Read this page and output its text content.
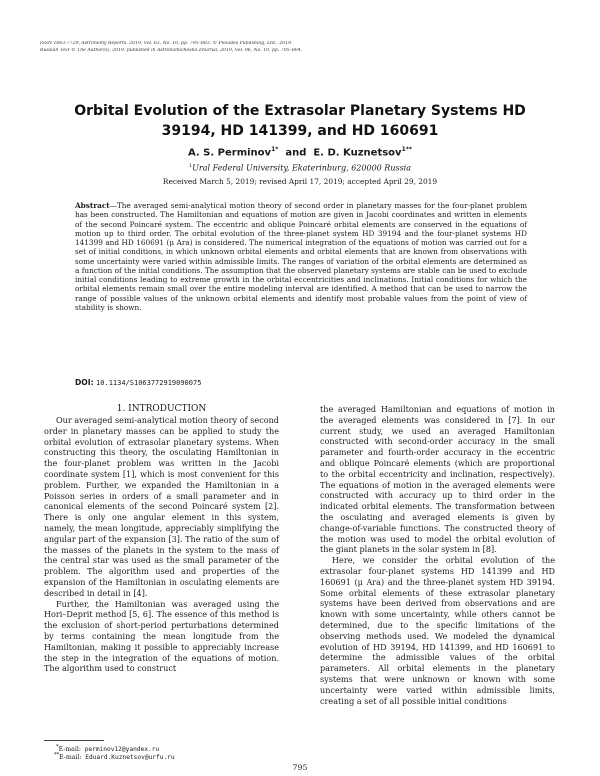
ISSN 1063-7729, Astronomy Reports, 2019, Vol. 63, No. 10, pp. 795–803. © Pleiades Publishing, Ltd., 2019.
Russian Text © The Author(s), 2019, published in Astronomicheskii Zhurnal, 2019, Vol. 96, No. 10, pp. 795–804.
Orbital Evolution of the Extrasolar Planetary Systems HD 39194, HD 141399, and HD 160691
A. S. Perminov$^{1*}$ and E. D. Kuznetsov$^{1**}$
$^1$Ural Federal University, Ekaterinburg, 620000 Russia
Received March 5, 2019; revised April 17, 2019; accepted April 29, 2019

Abstract—The averaged semi-analytical motion theory of second order in planetary masses for the four-planet problem has been constructed. The Hamiltonian and equations of motion are given in Jacobi coordinates and written in elements of the second Poincaré system. The eccentric and oblique Poincaré orbital elements are conserved in the equations of motion up to third order. The orbital evolution of the three-planet system HD 39194 and the four-planet systems HD 141399 and HD 160691 (μ Ara) is considered. The numerical integration of the equations of motion was carried out for a set of initial conditions, in which unknown orbital elements and orbital elements that are known from observations with some uncertainty were varied within admissible limits. The ranges of variation of the orbital elements are determined as a function of the initial conditions. The assumption that the observed planetary systems are stable can be used to exclude initial conditions leading to extreme growth in the orbital eccentricities and inclinations. Initial conditions for which the orbital elements remain small over the entire modeling interval are identified. A method that can be used to narrow the range of possible values of the unknown orbital elements and identify most probable values from the point of view of stability is shown.

DOI: 10.1134/S1063772919090075
1. INTRODUCTION

Our averaged semi-analytical motion theory of second order in planetary masses can be applied to study the orbital evolution of extrasolar planetary systems. When constructing this theory, the osculating Hamiltonian in the four-planet problem was written in the Jacobi coordinate system [1], which is most convenient for this problem. Further, we expanded the Hamiltonian in a Poisson series in orders of a small parameter and in canonical elements of the second Poincaré system [2]. There is only one angular element in this system, namely, the mean longitude, appreciably simplifying the angular part of the expansion [3]. The ratio of the sum of the masses of the planets in the system to the mass of the central star was used as the small parameter of the problem. The algorithm used and properties of the expansion of the Hamiltonian in osculating elements are described in detail in [4].

Further, the Hamiltonian was averaged using the Hori–Deprit method [5, 6]. The essence of this method is the exclusion of short-period perturbations determined by terms containing the mean longitude from the Hamiltonian, making it possible to appreciably increase the step in the integration of the equations of motion. The algorithm used to construct

the averaged Hamiltonian and equations of motion in the averaged elements was considered in [7]. In our current study, we used an averaged Hamiltonian constructed with second-order accuracy in the small parameter and fourth-order accuracy in the eccentric and oblique Poincaré elements (which are proportional to the orbital eccentricity and inclination, respectively). The equations of motion in the averaged elements were constructed with accuracy up to third order in the indicated orbital elements. The transformation between the osculating and averaged elements is given by change-of-variable functions. The constructed theory of the motion was used to model the orbital evolution of the giant planets in the solar system in [8].

Here, we consider the orbital evolution of the extrasolar four-planet systems HD 141399 and HD 160691 (μ Ara) and the three-planet system HD 39194. Some orbital elements of these extrasolar planetary systems have been derived from observations and are known with some uncertainty, while others cannot be determined, due to the specific limitations of the observing methods used. We modeled the dynamical evolution of HD 39194, HD 141399, and HD 160691 to determine the admissible values of the orbital parameters. All orbital elements in the planetary systems that were unknown or known with some uncertainty were varied within admissible limits, creating a set of all possible initial conditions

*E-mail: perminov12@yandex.ru
**E-mail: Eduard.Kuznetsov@urfu.ru
795
